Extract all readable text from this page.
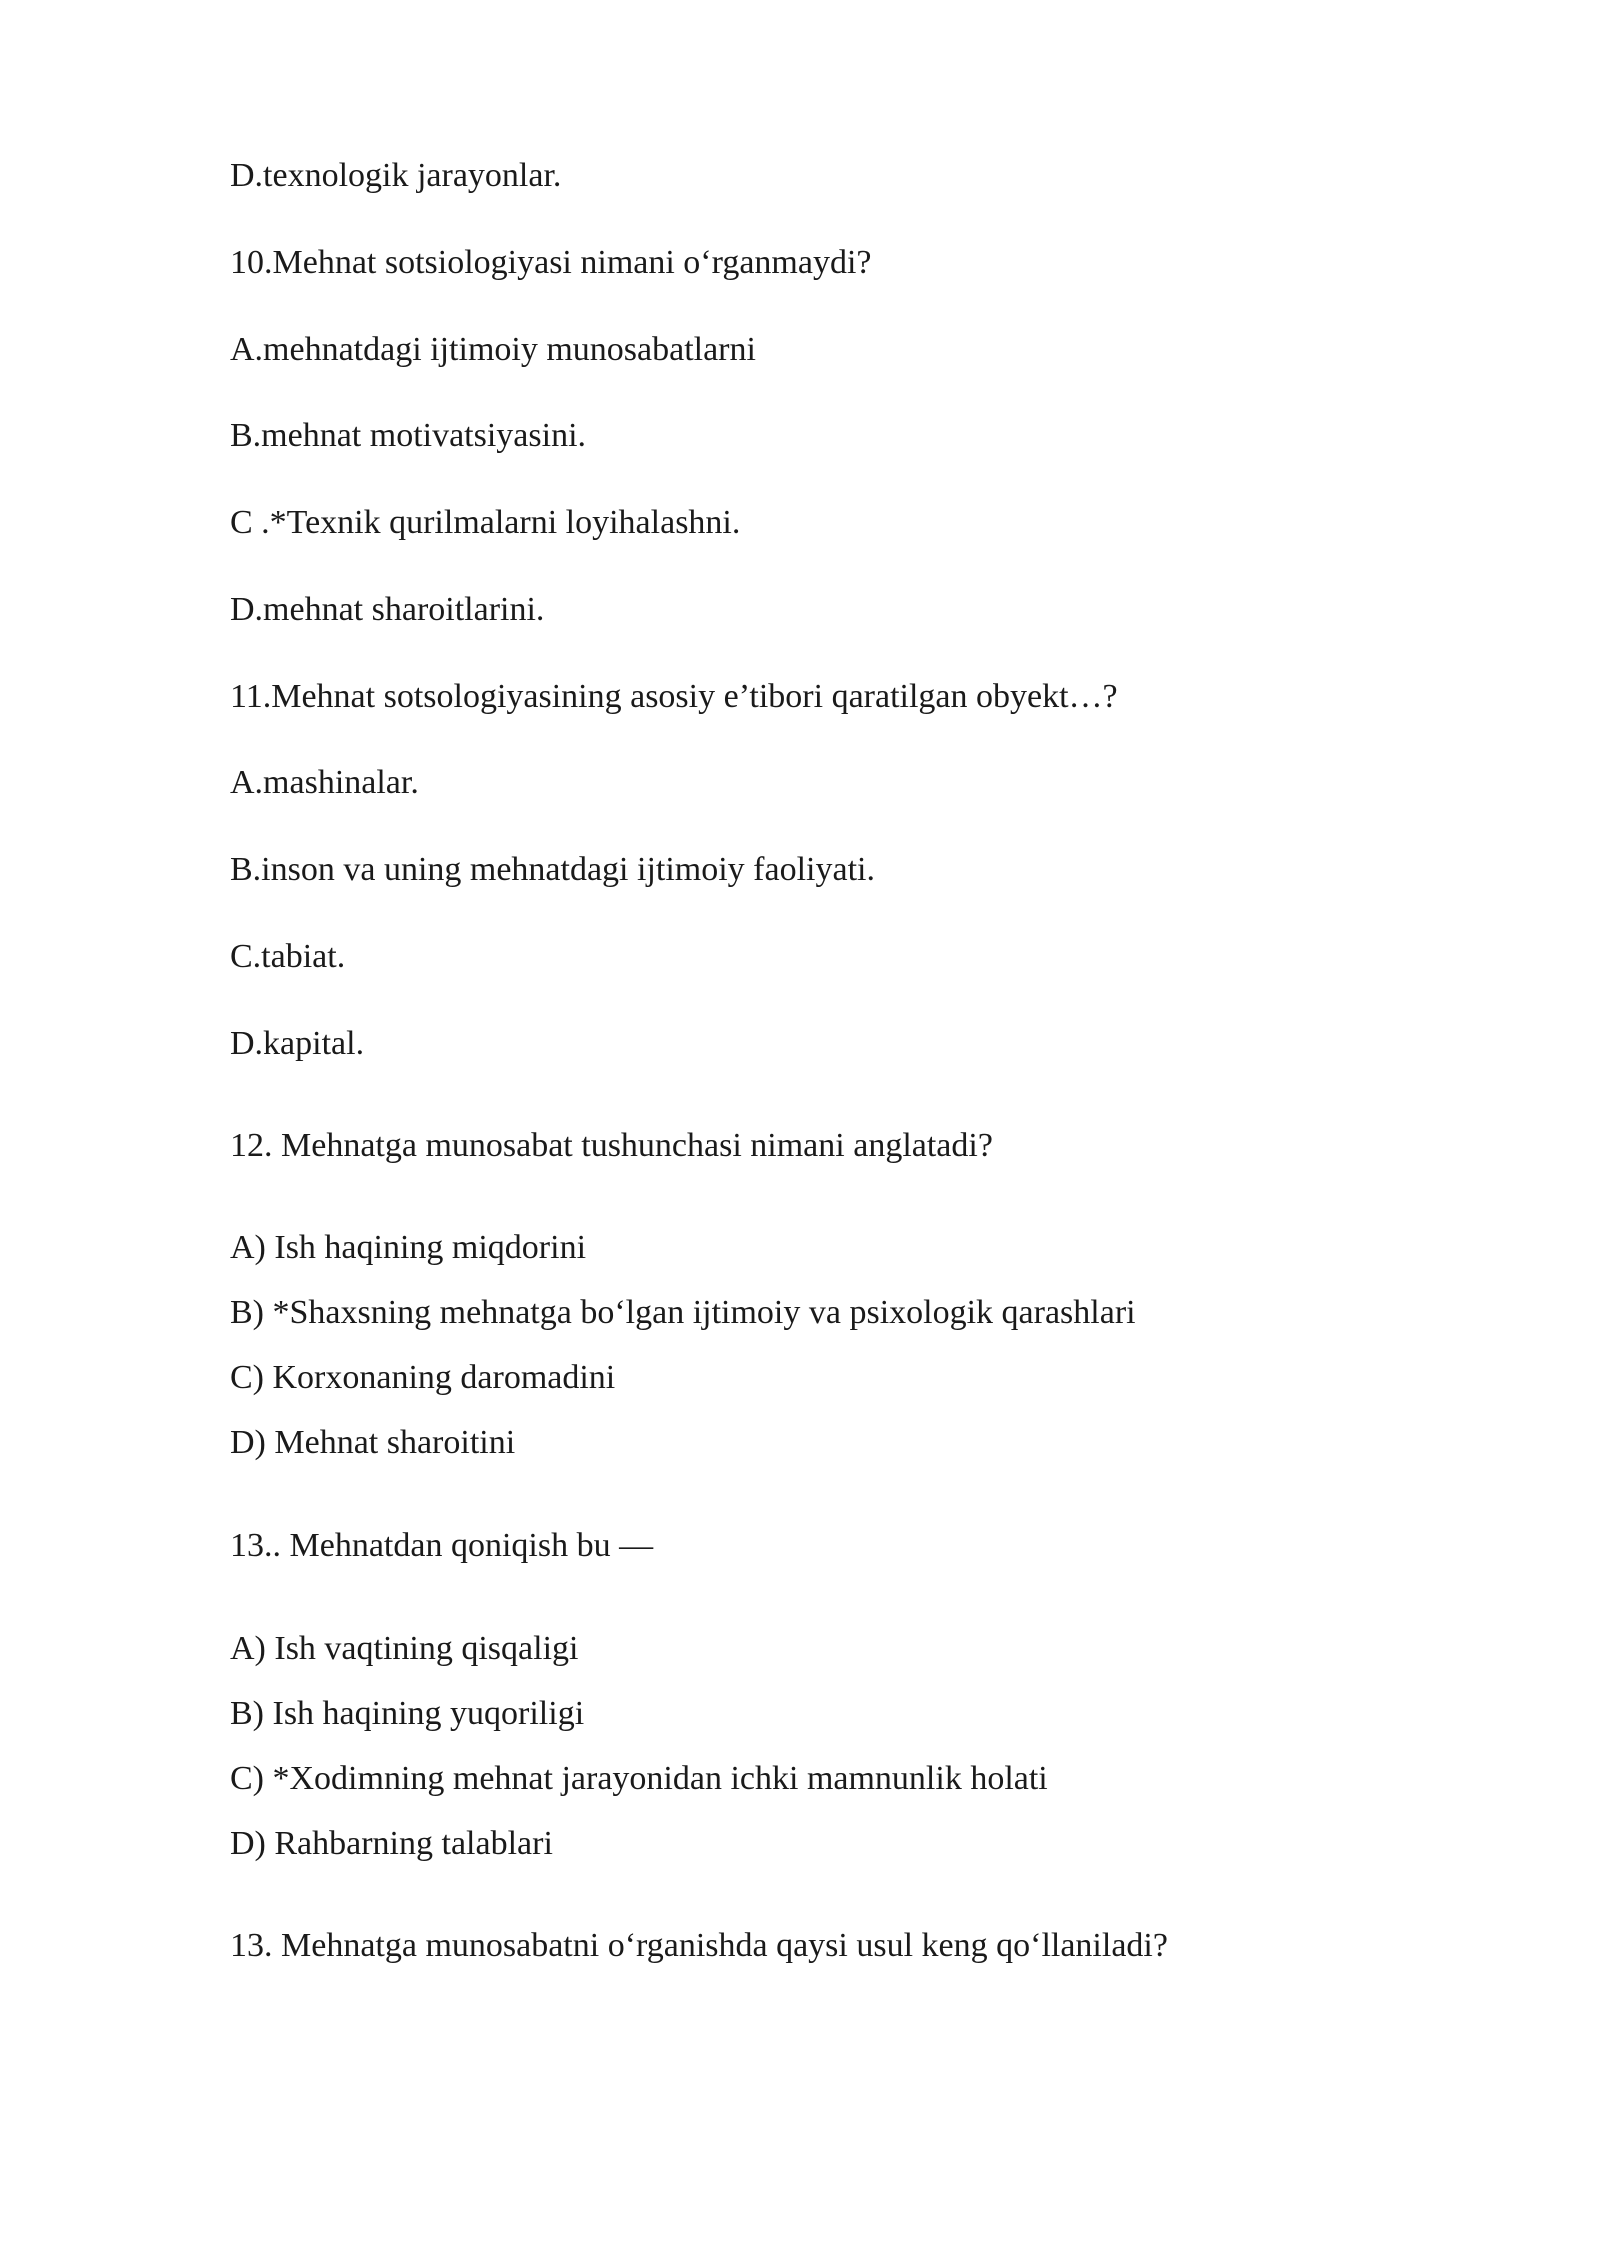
D.texnologik jarayonlar.

10.Mehnat sotsiologiyasi nimani o‘rganmaydi?

A.mehnatdagi ijtimoiy munosabatlarni

B.mehnat motivatsiyasini.

C .*Texnik qurilmalarni loyihalashni.

D.mehnat sharoitlarini.

11.Mehnat sotsologiyasining asosiy e’tibori qaratilgan obyekt…?

A.mashinalar.

B.inson va uning mehnatdagi ijtimoiy faoliyati.

C.tabiat.

D.kapital.

12. Mehnatga munosabat tushunchasi nimani anglatadi?

A) Ish haqining miqdorini

B) *Shaxsning mehnatga bo‘lgan ijtimoiy va psixologik qarashlari

C) Korxonaning daromadini

D) Mehnat sharoitini

13.. Mehnatdan qoniqish bu —

A) Ish vaqtining qisqaligi

B) Ish haqining yuqoriligi

C) *Xodimning mehnat jarayonidan ichki mamnunlik holati

D) Rahbarning talablari

13. Mehnatga munosabatni o‘rganishda qaysi usul keng qo‘llaniladi?
